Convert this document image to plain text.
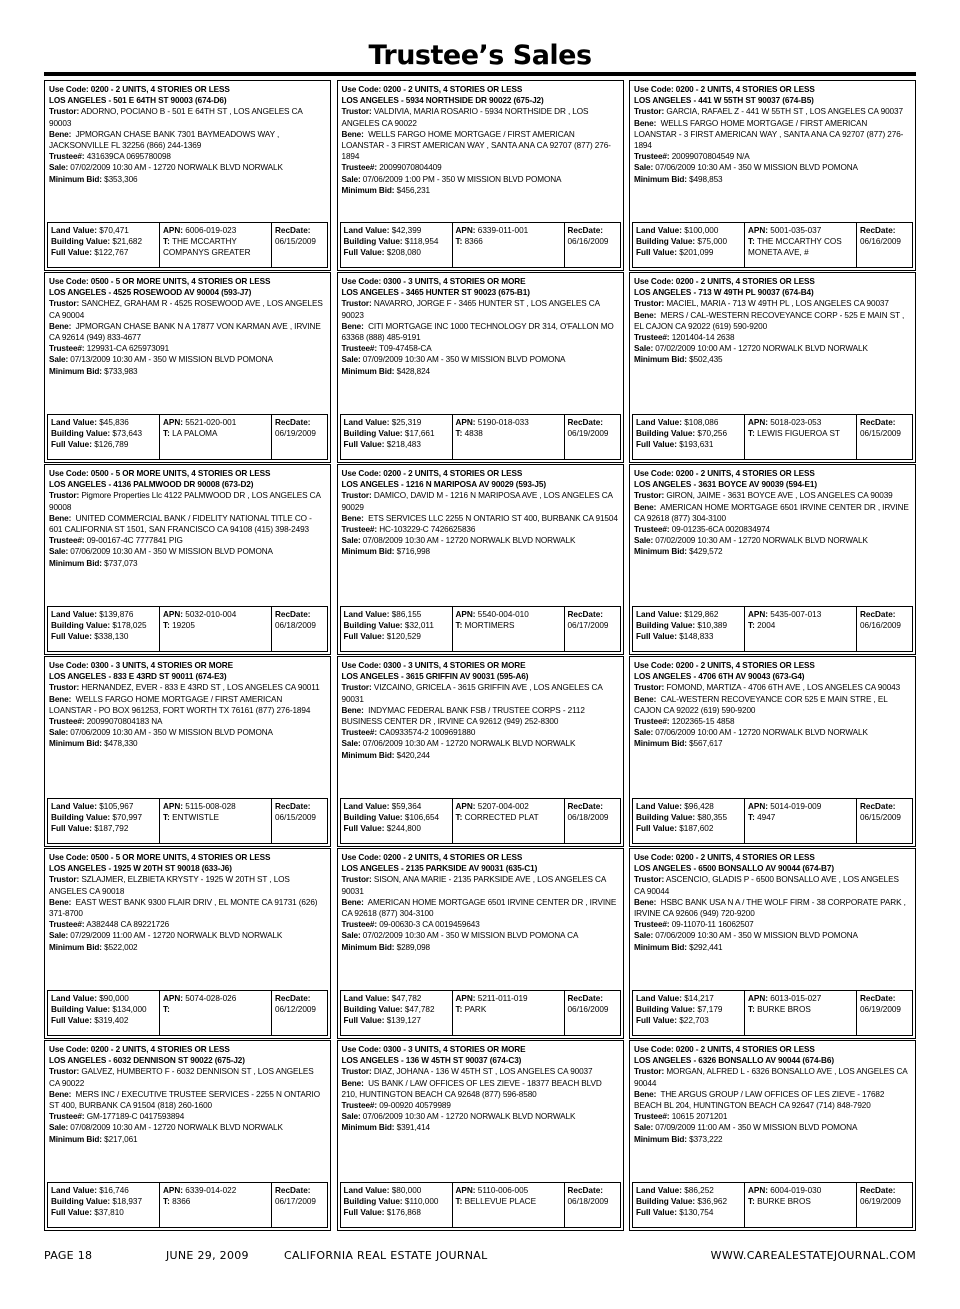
Trustee’s Sales
Use Code: 0200 - 2 UNITS, 4 STORIES OR LESS
LOS ANGELES - 501 E 64TH ST 90003 (674-D6)
Trustor: ADORNO, POCIANO B - 501 E 64TH ST , LOS ANGELES CA 90003
Bene: JPMORGAN CHASE BANK 7301 BAYMEADOWS WAY , JACKSONVILLE FL 32256 (866) 244-1369
Trustee#: 431639CA 0695780098
Sale: 07/02/2009 10:30 AM - 12720 NORWALK BLVD NORWALK
Minimum Bid: $353,306
Land Value: $70,471
Building Value: $21,682
Full Value: $122,767
APN: 6006-019-023
T: THE MCCARTHY COMPANYS GREATER
RecDate:
06/15/2009
Use Code: 0200 - 2 UNITS, 4 STORIES OR LESS
LOS ANGELES - 5934 NORTHSIDE DR 90022 (675-J2)
Trustor: VALDIVIA, MARIA ROSARIO - 5934 NORTHSIDE DR , LOS ANGELES CA 90022
Bene: WELLS FARGO HOME MORTGAGE / FIRST AMERICAN LOANSTAR - 3 FIRST AMERICAN WAY , SANTA ANA CA 92707 (877) 276-1894
Trustee#: 20099070804409
Sale: 07/06/2009 1:00 PM - 350 W MISSION BLVD POMONA
Minimum Bid: $456,231
Land Value: $42,399
Building Value: $118,954
Full Value: $208,080
APN: 6339-011-001
T: 8366
RecDate:
06/16/2009
Use Code: 0200 - 2 UNITS, 4 STORIES OR LESS
LOS ANGELES - 441 W 55TH ST 90037 (674-B5)
Trustor: GARCIA, RAFAEL Z - 441 W 55TH ST , LOS ANGELES CA 90037
Bene: WELLS FARGO HOME MORTGAGE / FIRST AMERICAN LOANSTAR - 3 FIRST AMERICAN WAY , SANTA ANA CA 92707 (877) 276-1894
Trustee#: 20099070804549 N/A
Sale: 07/06/2009 10:30 AM - 350 W MISSION BLVD POMONA
Minimum Bid: $498,853
Land Value: $100,000
Building Value: $75,000
Full Value: $201,099
APN: 5001-035-037
T: THE MCCARTHY COS MONETA AVE, #
RecDate:
06/16/2009
Use Code: 0500 - 5 OR MORE UNITS, 4 STORIES OR LESS
LOS ANGELES - 4525 ROSEWOOD AV 90004 (593-J7)
Trustor: SANCHEZ, GRAHAM R - 4525 ROSEWOOD AVE , LOS ANGELES CA 90004
Bene: JPMORGAN CHASE BANK N A 17877 VON KARMAN AVE , IRVINE CA 92614 (949) 833-4677
Trustee#: 129931-CA 625973091
Sale: 07/13/2009 10:30 AM - 350 W MISSION BLVD POMONA
Minimum Bid: $733,983
Land Value: $45,836
Building Value: $73,643
Full Value: $126,789
APN: 5521-020-001
T: LA PALOMA
RecDate:
06/19/2009
Use Code: 0300 - 3 UNITS, 4 STORIES OR MORE
LOS ANGELES - 3465 HUNTER ST 90023 (675-B1)
Trustor: NAVARRO, JORGE F - 3465 HUNTER ST , LOS ANGELES CA 90023
Bene: CITI MORTGAGE INC 1000 TECHNOLOGY DR 314, O'FALLON MO 63368 (888) 485-9191
Trustee#: T09-47458-CA
Sale: 07/09/2009 10:30 AM - 350 W MISSION BLVD POMONA
Minimum Bid: $428,824
Land Value: $25,319
Building Value: $17,661
Full Value: $218,483
APN: 5190-018-033
T: 4838
RecDate:
06/19/2009
Use Code: 0200 - 2 UNITS, 4 STORIES OR LESS
LOS ANGELES - 713 W 49TH PL 90037 (674-B4)
Trustor: MACIEL, MARIA - 713 W 49TH PL , LOS ANGELES CA 90037
Bene: MERS / CAL-WESTERN RECOVEYANCE CORP - 525 E MAIN ST , EL CAJON CA 92022 (619) 590-9200
Trustee#: 1201404-14 2638
Sale: 07/02/2009 10:00 AM - 12720 NORWALK BLVD NORWALK
Minimum Bid: $502,435
Land Value: $108,086
Building Value: $70,256
Full Value: $193,631
APN: 5018-023-053
T: LEWIS FIGUEROA ST
RecDate:
06/15/2009
Use Code: 0500 - 5 OR MORE UNITS, 4 STORIES OR LESS
LOS ANGELES - 4136 PALMWOOD DR 90008 (673-D2)
Trustor: Pigmore Properties Llc 4122 PALMWOOD DR , LOS ANGELES CA 90008
Bene: UNITED COMMERCIAL BANK / FIDELITY NATIONAL TITLE CO - 601 CALIFORNIA ST 1501, SAN FRANCISCO CA 94108 (415) 398-2493
Trustee#: 09-00167-4C 7777841 PIG
Sale: 07/06/2009 10:30 AM - 350 W MISSION BLVD POMONA
Minimum Bid: $737,073
Land Value: $139,876
Building Value: $178,025
Full Value: $338,130
APN: 5032-010-004
T: 19205
RecDate:
06/18/2009
Use Code: 0200 - 2 UNITS, 4 STORIES OR LESS
LOS ANGELES - 1216 N MARIPOSA AV 90029 (593-J5)
Trustor: DAMICO, DAVID M - 1216 N MARIPOSA AVE , LOS ANGELES CA 90029
Bene: ETS SERVICES LLC 2255 N ONTARIO ST 400, BURBANK CA 91504
Trustee#: HC-103229-C 7426625836
Sale: 07/08/2009 10:30 AM - 12720 NORWALK BLVD NORWALK
Minimum Bid: $716,998
Land Value: $86,155
Building Value: $32,011
Full Value: $120,529
APN: 5540-004-010
T: MORTIMERS
RecDate:
06/17/2009
Use Code: 0200 - 2 UNITS, 4 STORIES OR LESS
LOS ANGELES - 3631 BOYCE AV 90039 (594-E1)
Trustor: GIRON, JAIME - 3631 BOYCE AVE , LOS ANGELES CA 90039
Bene: AMERICAN HOME MORTGAGE 6501 IRVINE CENTER DR , IRVINE CA 92618 (877) 304-3100
Trustee#: 09-01235-6CA 0020834974
Sale: 07/02/2009 10:30 AM - 12720 NORWALK BLVD NORWALK
Minimum Bid: $429,572
Land Value: $129,862
Building Value: $10,389
Full Value: $148,833
APN: 5435-007-013
T: 2004
RecDate:
06/16/2009
Use Code: 0300 - 3 UNITS, 4 STORIES OR MORE
LOS ANGELES - 833 E 43RD ST 90011 (674-E3)
Trustor: HERNANDEZ, EVER - 833 E 43RD ST , LOS ANGELES CA 90011
Bene: WELLS FARGO HOME MORTGAGE / FIRST AMERICAN LOANSTAR - PO BOX 961253, FORT WORTH TX 76161 (877) 276-1894
Trustee#: 20099070804183 NA
Sale: 07/06/2009 10:30 AM - 350 W MISSION BLVD POMONA
Minimum Bid: $478,330
Land Value: $105,967
Building Value: $70,997
Full Value: $187,792
APN: 5115-008-028
T: ENTWISTLE
RecDate:
06/15/2009
Use Code: 0300 - 3 UNITS, 4 STORIES OR MORE
LOS ANGELES - 3615 GRIFFIN AV 90031 (595-A6)
Trustor: VIZCAINO, GRICELA - 3615 GRIFFIN AVE , LOS ANGELES CA 90031
Bene: INDYMAC FEDERAL BANK FSB / TRUSTEE CORPS - 2112 BUSINESS CENTER DR , IRVINE CA 92612 (949) 252-8300
Trustee#: CA0933574-2 1009691880
Sale: 07/06/2009 10:30 AM - 12720 NORWALK BLVD NORWALK
Minimum Bid: $420,244
Land Value: $59,364
Building Value: $106,654
Full Value: $244,800
APN: 5207-004-002
T: CORRECTED PLAT
RecDate:
06/18/2009
Use Code: 0200 - 2 UNITS, 4 STORIES OR LESS
LOS ANGELES - 4706 6TH AV 90043 (673-G4)
Trustor: FOMOND, MARTIZA - 4706 6TH AVE , LOS ANGELES CA 90043
Bene: CAL-WESTERN RECOVEYANCE COR 525 E MAIN STRE , EL CAJON CA 92022 (619) 590-9200
Trustee#: 1202365-15 4858
Sale: 07/06/2009 10:00 AM - 12720 NORWALK BLVD NORWALK
Minimum Bid: $567,617
Land Value: $96,428
Building Value: $80,355
Full Value: $187,602
APN: 5014-019-009
T: 4947
RecDate:
06/15/2009
Use Code: 0500 - 5 OR MORE UNITS, 4 STORIES OR LESS
LOS ANGELES - 1925 W 20TH ST 90018 (633-J6)
Trustor: SZLAJMER, ELZBIETA KRYSTY - 1925 W 20TH ST , LOS ANGELES CA 90018
Bene: EAST WEST BANK 9300 FLAIR DRIV , EL MONTE CA 91731 (626) 371-8700
Trustee#: A382448 CA 89221726
Sale: 07/29/2009 11:00 AM - 12720 NORWALK BLVD NORWALK
Minimum Bid: $522,002
Land Value: $90,000
Building Value: $134,000
Full Value: $319,402
APN: 5074-028-026
T:
RecDate:
06/12/2009
Use Code: 0200 - 2 UNITS, 4 STORIES OR LESS
LOS ANGELES - 2135 PARKSIDE AV 90031 (635-C1)
Trustor: SISON, ANA MARIE - 2135 PARKSIDE AVE , LOS ANGELES CA 90031
Bene: AMERICAN HOME MORTGAGE 6501 IRVINE CENTER DR , IRVINE CA 92618 (877) 304-3100
Trustee#: 09-00630-3 CA 0019459643
Sale: 07/02/2009 10:30 AM - 350 W MISSION BLVD POMONA CA
Minimum Bid: $289,098
Land Value: $47,782
Building Value: $47,782
Full Value: $139,127
APN: 5211-011-019
T: PARK
RecDate:
06/16/2009
Use Code: 0200 - 2 UNITS, 4 STORIES OR LESS
LOS ANGELES - 6500 BONSALLO AV 90044 (674-B7)
Trustor: ASCENCIO, GLADIS P - 6500 BONSALLO AVE , LOS ANGELES CA 90044
Bene: HSBC BANK USA N A / THE WOLF FIRM - 38 CORPORATE PARK , IRVINE CA 92606 (949) 720-9200
Trustee#: 09-11070-11 16062507
Sale: 07/06/2009 10:30 AM - 350 W MISSION BLVD POMONA
Minimum Bid: $292,441
Land Value: $14,217
Building Value: $7,179
Full Value: $22,703
APN: 6013-015-027
T: BURKE BROS
RecDate:
06/19/2009
Use Code: 0200 - 2 UNITS, 4 STORIES OR LESS
LOS ANGELES - 6032 DENNISON ST 90022 (675-J2)
Trustor: GALVEZ, HUMBERTO F - 6032 DENNISON ST , LOS ANGELES CA 90022
Bene: MERS INC / EXECUTIVE TRUSTEE SERVICES - 2255 N ONTARIO ST 400, BURBANK CA 91504 (818) 260-1600
Trustee#: GM-177189-C 0417593894
Sale: 07/08/2009 10:30 AM - 12720 NORWALK BLVD NORWALK
Minimum Bid: $217,061
Land Value: $16,746
Building Value: $18,937
Full Value: $37,810
APN: 6339-014-022
T: 8366
RecDate:
06/17/2009
Use Code: 0300 - 3 UNITS, 4 STORIES OR MORE
LOS ANGELES - 136 W 45TH ST 90037 (674-C3)
Trustor: DIAZ, JOHANA - 136 W 45TH ST , LOS ANGELES CA 90037
Bene: US BANK / LAW OFFICES OF LES ZIEVE - 18377 BEACH BLVD 210, HUNTINGTON BEACH CA 92648 (877) 596-8580
Trustee#: 09-00920 40579989
Sale: 07/06/2009 10:30 AM - 12720 NORWALK BLVD NORWALK
Minimum Bid: $391,414
Land Value: $80,000
Building Value: $110,000
Full Value: $176,868
APN: 5110-006-005
T: BELLEVUE PLACE
RecDate:
06/18/2009
Use Code: 0200 - 2 UNITS, 4 STORIES OR LESS
LOS ANGELES - 6326 BONSALLO AV 90044 (674-B6)
Trustor: MORGAN, ALFRED L - 6326 BONSALLO AVE , LOS ANGELES CA 90044
Bene: THE ARGUS GROUP / LAW OFFICES OF LES ZIEVE - 17682 BEACH BL 204, HUNTINGTON BEACH CA 92647 (714) 848-7920
Trustee#: 10615 2071201
Sale: 07/09/2009 11:00 AM - 350 W MISSION BLVD POMONA
Minimum Bid: $373,222
Land Value: $86,252
Building Value: $36,962
Full Value: $130,754
APN: 6004-019-030
T: BURKE BROS
RecDate:
06/19/2009
PAGE 18	JUNE 29, 2009	CALIFORNIA REAL ESTATE JOURNAL	WWW.CAREALESTATEJOURNAL.COM
